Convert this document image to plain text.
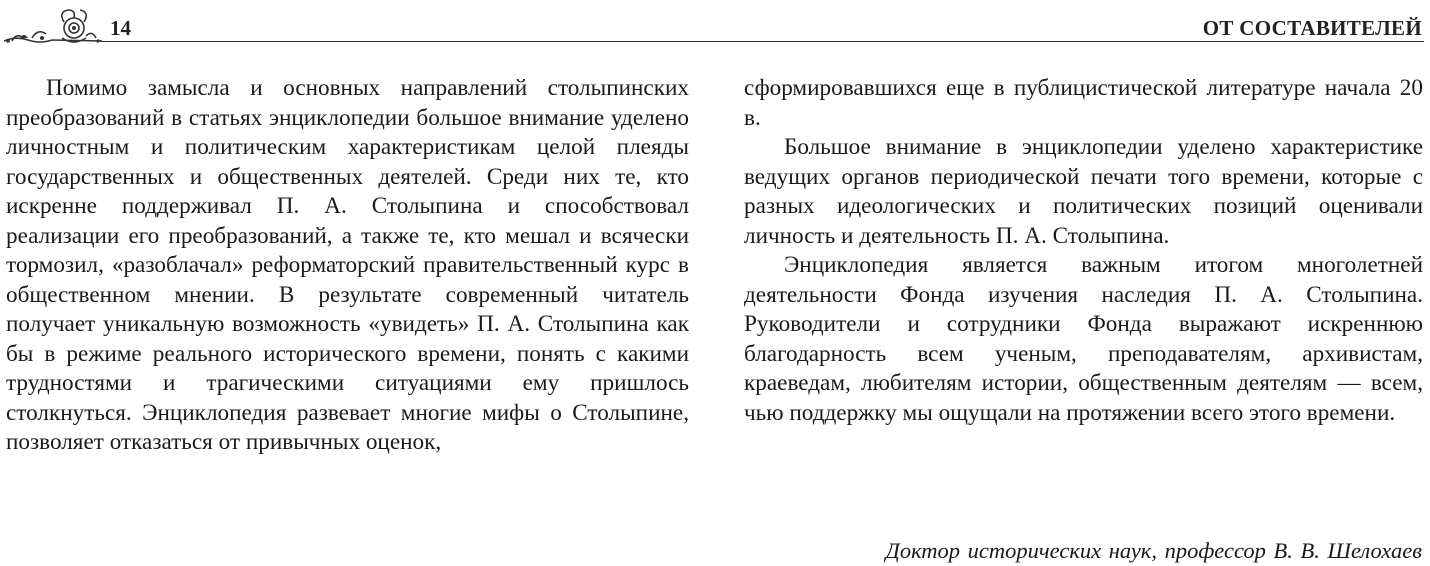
14	ОТ СОСТАВИТЕЛЕЙ

Помимо замысла и основных направлений столыпинских преобразований в статьях энциклопедии большое внимание уделено личностным и политическим характеристикам целой плеяды государственных и общественных деятелей. Среди них те, кто искренне поддерживал П. А. Столыпина и способствовал реализации его преобразований, а также те, кто мешал и всячески тормозил, «разоблачал» реформаторский правительственный курс в общественном мнении. В результате современный читатель получает уникальную возможность «увидеть» П. А. Столыпина как бы в режиме реального исторического времени, понять с какими трудностями и трагическими ситуациями ему пришлось столкнуться. Энциклопедия развевает многие мифы о Столыпине, позволяет отказаться от привычных оценок,

сформировавшихся еще в публицистической литературе начала 20 в.

Большое внимание в энциклопедии уделено характеристике ведущих органов периодической печати того времени, которые с разных идеологических и политических позиций оценивали личность и деятельность П. А. Столыпина.

Энциклопедия является важным итогом многолетней деятельности Фонда изучения наследия П. А. Столыпина. Руководители и сотрудники Фонда выражают искреннюю благодарность всем ученым, преподавателям, архивистам, краеведам, любителям истории, общественным деятелям — всем, чью поддержку мы ощущали на протяжении всего этого времени.

Доктор исторических наук, профессор В. В. Шелохаев
